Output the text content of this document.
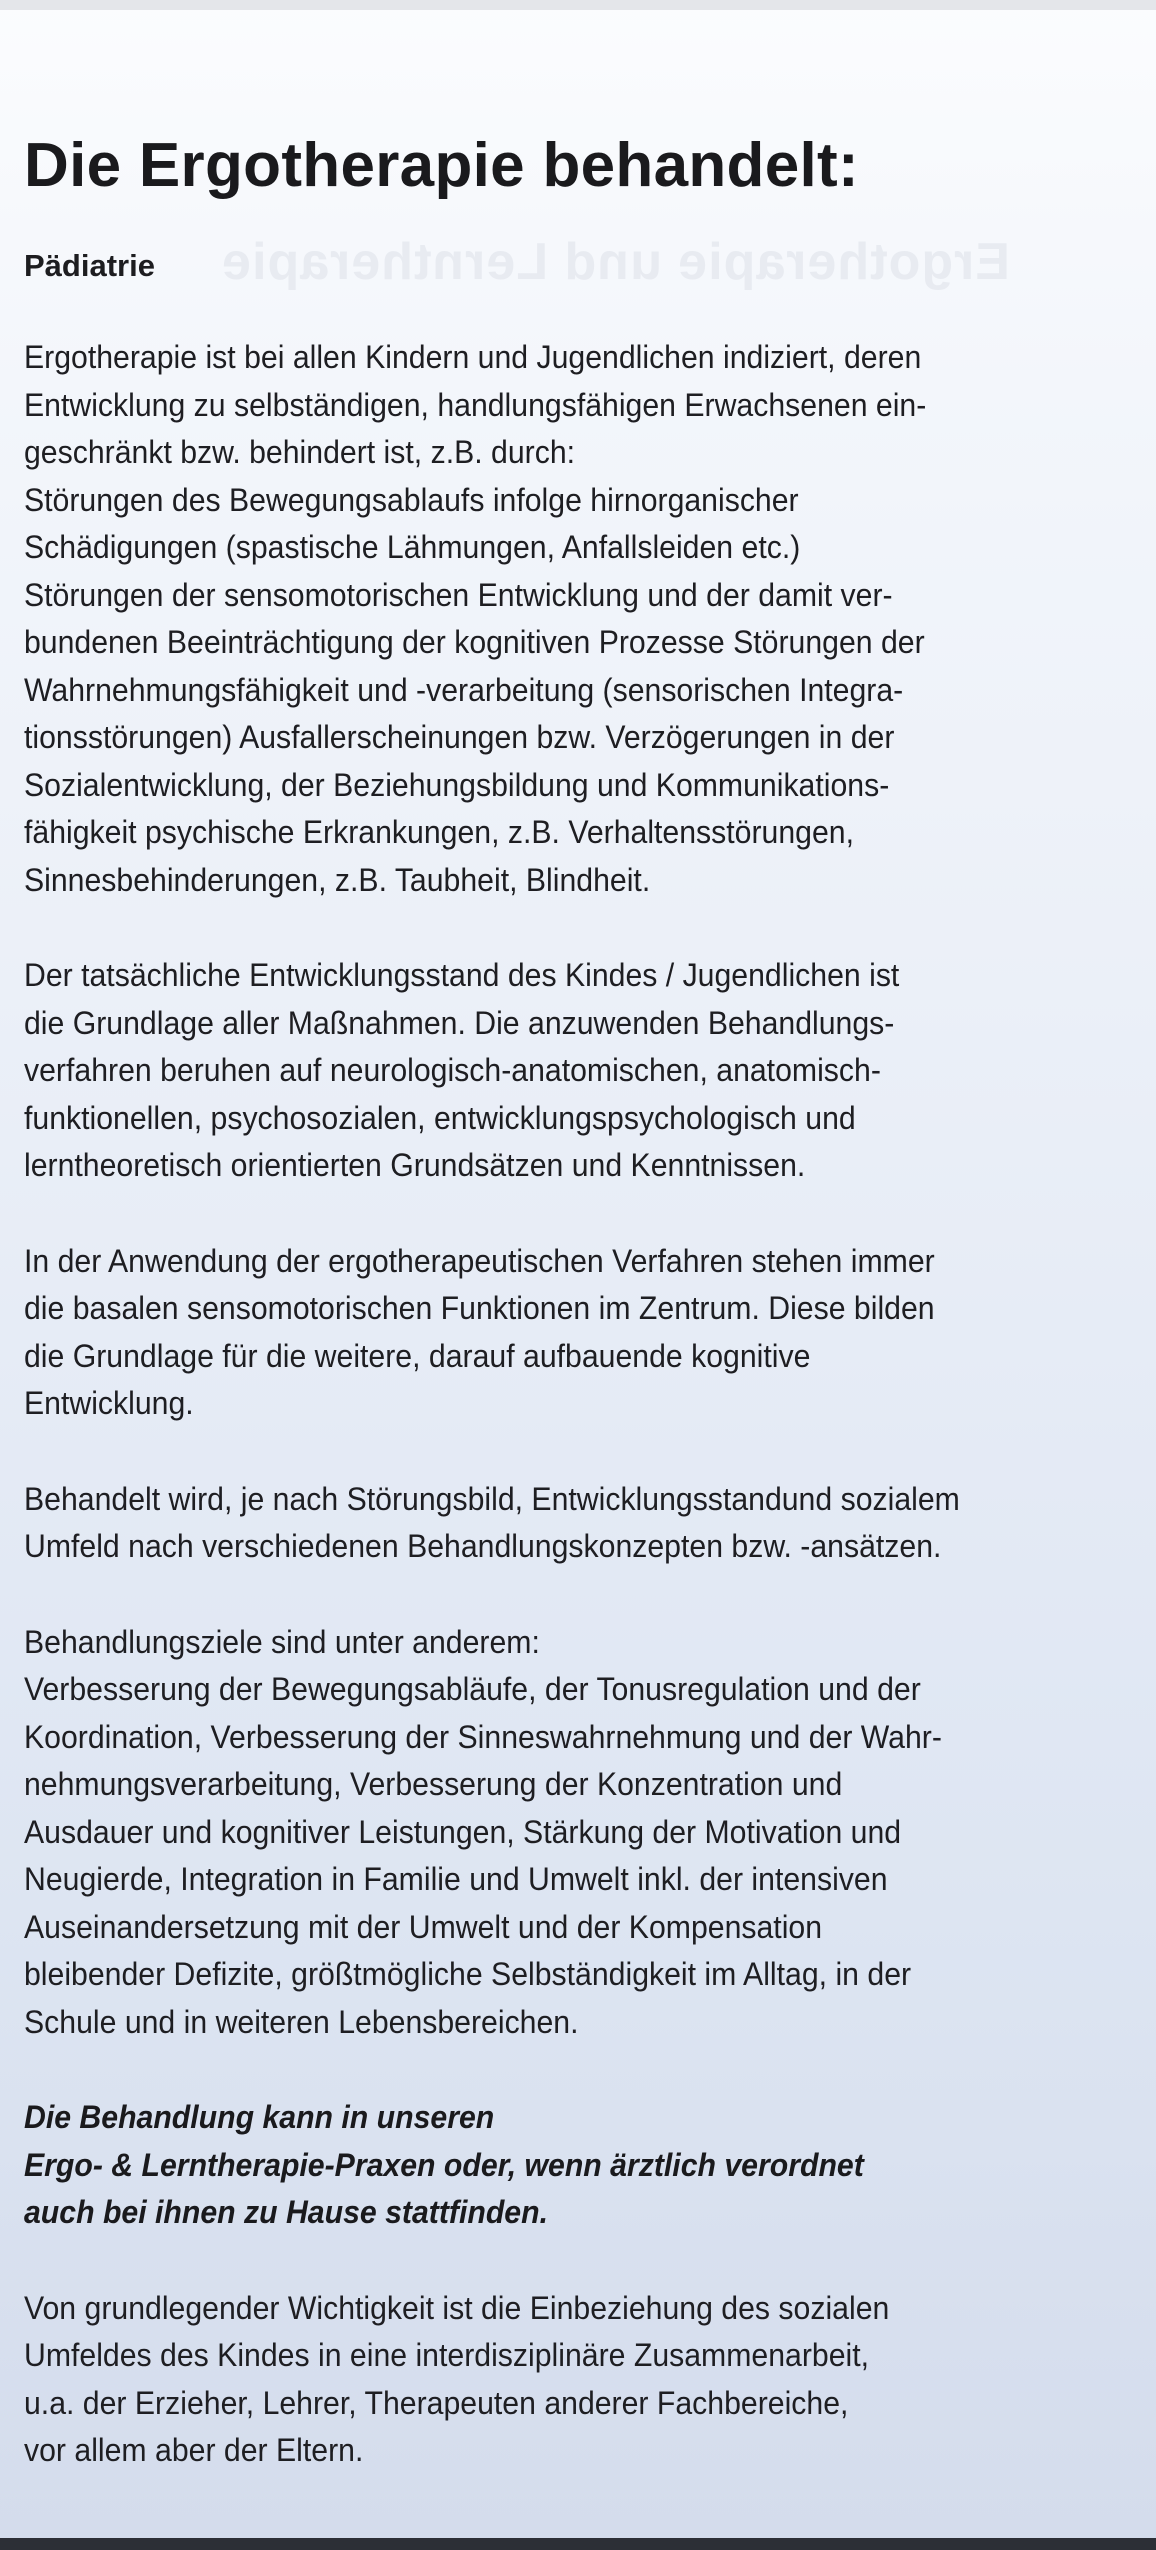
Ergotherapie und Lerntherapie
Die Ergotherapie behandelt:
Pädiatrie
Ergotherapie ist bei allen Kindern und Jugendlichen indiziert, deren
Entwicklung zu selbständigen, handlungsfähigen Erwachsenen ein-
geschränkt bzw. behindert ist, z.B. durch:
Störungen des Bewegungsablaufs infolge hirnorganischer
Schädigungen (spastische Lähmungen, Anfallsleiden etc.)
Störungen der sensomotorischen Entwicklung und der damit ver-
bundenen Beeinträchtigung der kognitiven Prozesse Störungen der
Wahrnehmungsfähigkeit und -verarbeitung (sensorischen Integra-
tionsstörungen) Ausfallerscheinungen bzw. Verzögerungen in der
Sozialentwicklung, der Beziehungsbildung und Kommunikations-
fähigkeit psychische Erkrankungen, z.B. Verhaltensstörungen,
Sinnesbehinderungen, z.B. Taubheit, Blindheit.
Der tatsächliche Entwicklungsstand des Kindes / Jugendlichen ist
die Grundlage aller Maßnahmen. Die anzuwenden Behandlungs-
verfahren beruhen auf neurologisch-anatomischen, anatomisch-
funktionellen, psychosozialen, entwicklungspsychologisch und
lerntheoretisch orientierten Grundsätzen und Kenntnissen.
In der Anwendung der ergotherapeutischen Verfahren stehen immer
die basalen sensomotorischen Funktionen im Zentrum. Diese bilden
die Grundlage für die weitere, darauf aufbauende kognitive
Entwicklung.
Behandelt wird, je nach Störungsbild, Entwicklungsstandund sozialem
Umfeld nach verschiedenen Behandlungskonzepten bzw. -ansätzen.
Behandlungsziele sind unter anderem:
Verbesserung der Bewegungsabläufe, der Tonusregulation und der
Koordination, Verbesserung der Sinneswahrnehmung und der Wahr-
nehmungsverarbeitung, Verbesserung der Konzentration und
Ausdauer und kognitiver Leistungen, Stärkung der Motivation und
Neugierde, Integration in Familie und Umwelt inkl. der intensiven
Auseinandersetzung mit der Umwelt und der Kompensation
bleibender Defizite, größtmögliche Selbständigkeit im Alltag, in der
Schule und in weiteren Lebensbereichen.
Die Behandlung kann in unseren
Ergo- & Lerntherapie-Praxen oder, wenn ärztlich verordnet
auch bei ihnen zu Hause stattfinden.
Von grundlegender Wichtigkeit ist die Einbeziehung des sozialen
Umfeldes des Kindes in eine interdisziplinäre Zusammenarbeit,
u.a. der Erzieher, Lehrer, Therapeuten anderer Fachbereiche,
vor allem aber der Eltern.
